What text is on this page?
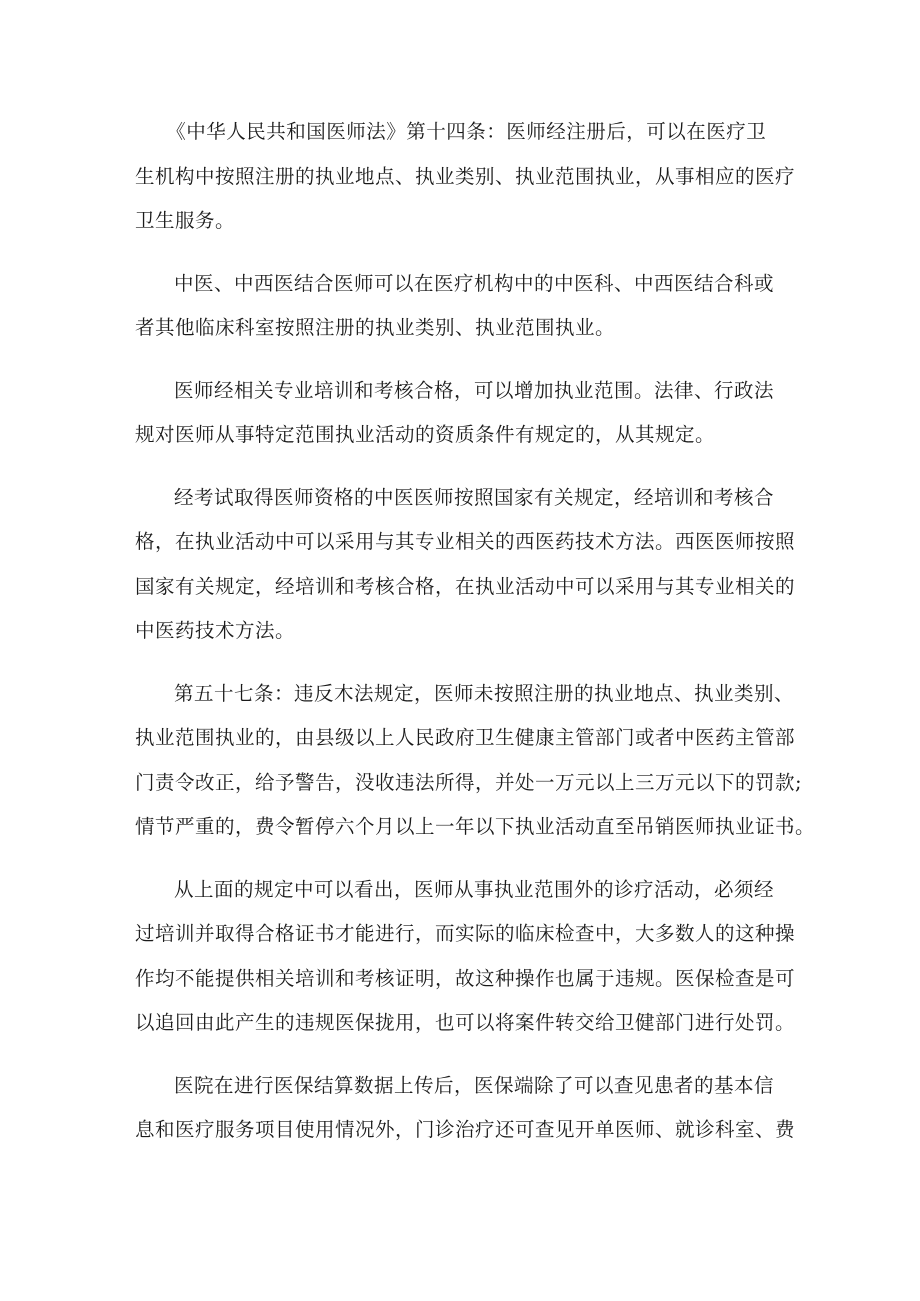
《中华人民共和国医师法》第十四条：医师经注册后，可以在医疗卫
生机构中按照注册的执业地点、执业类别、执业范围执业，从事相应的医疗
卫生服务。

中医、中西医结合医师可以在医疗机构中的中医科、中西医结合科或
者其他临床科室按照注册的执业类别、执业范围执业。

医师经相关专业培训和考核合格，可以增加执业范围。法律、行政法
规对医师从事特定范围执业活动的资质条件有规定的，从其规定。

经考试取得医师资格的中医医师按照国家有关规定，经培训和考核合
格，在执业活动中可以采用与其专业相关的西医药技术方法。西医医师按照
国家有关规定，经培训和考核合格，在执业活动中可以采用与其专业相关的
中医药技术方法。

第五十七条：违反木法规定，医师未按照注册的执业地点、执业类别、
执业范围执业的，由县级以上人民政府卫生健康主管部门或者中医药主管部
门责令改正，给予警告，没收违法所得，并处一万元以上三万元以下的罚款;
情节严重的，费令暂停六个月以上一年以下执业活动直至吊销医师执业证书。

从上面的规定中可以看出，医师从事执业范围外的诊疗活动，必须经
过培训并取得合格证书才能进行，而实际的临床检查中，大多数人的这种操
作均不能提供相关培训和考核证明，故这种操作也属于违规。医保检查是可
以追回由此产生的违规医保拢用，也可以将案件转交给卫健部门进行处罚。

医院在进行医保结算数据上传后，医保端除了可以查见患者的基本信
息和医疗服务项目使用情况外，门诊治疗还可查见开单医师、就诊科室、费
